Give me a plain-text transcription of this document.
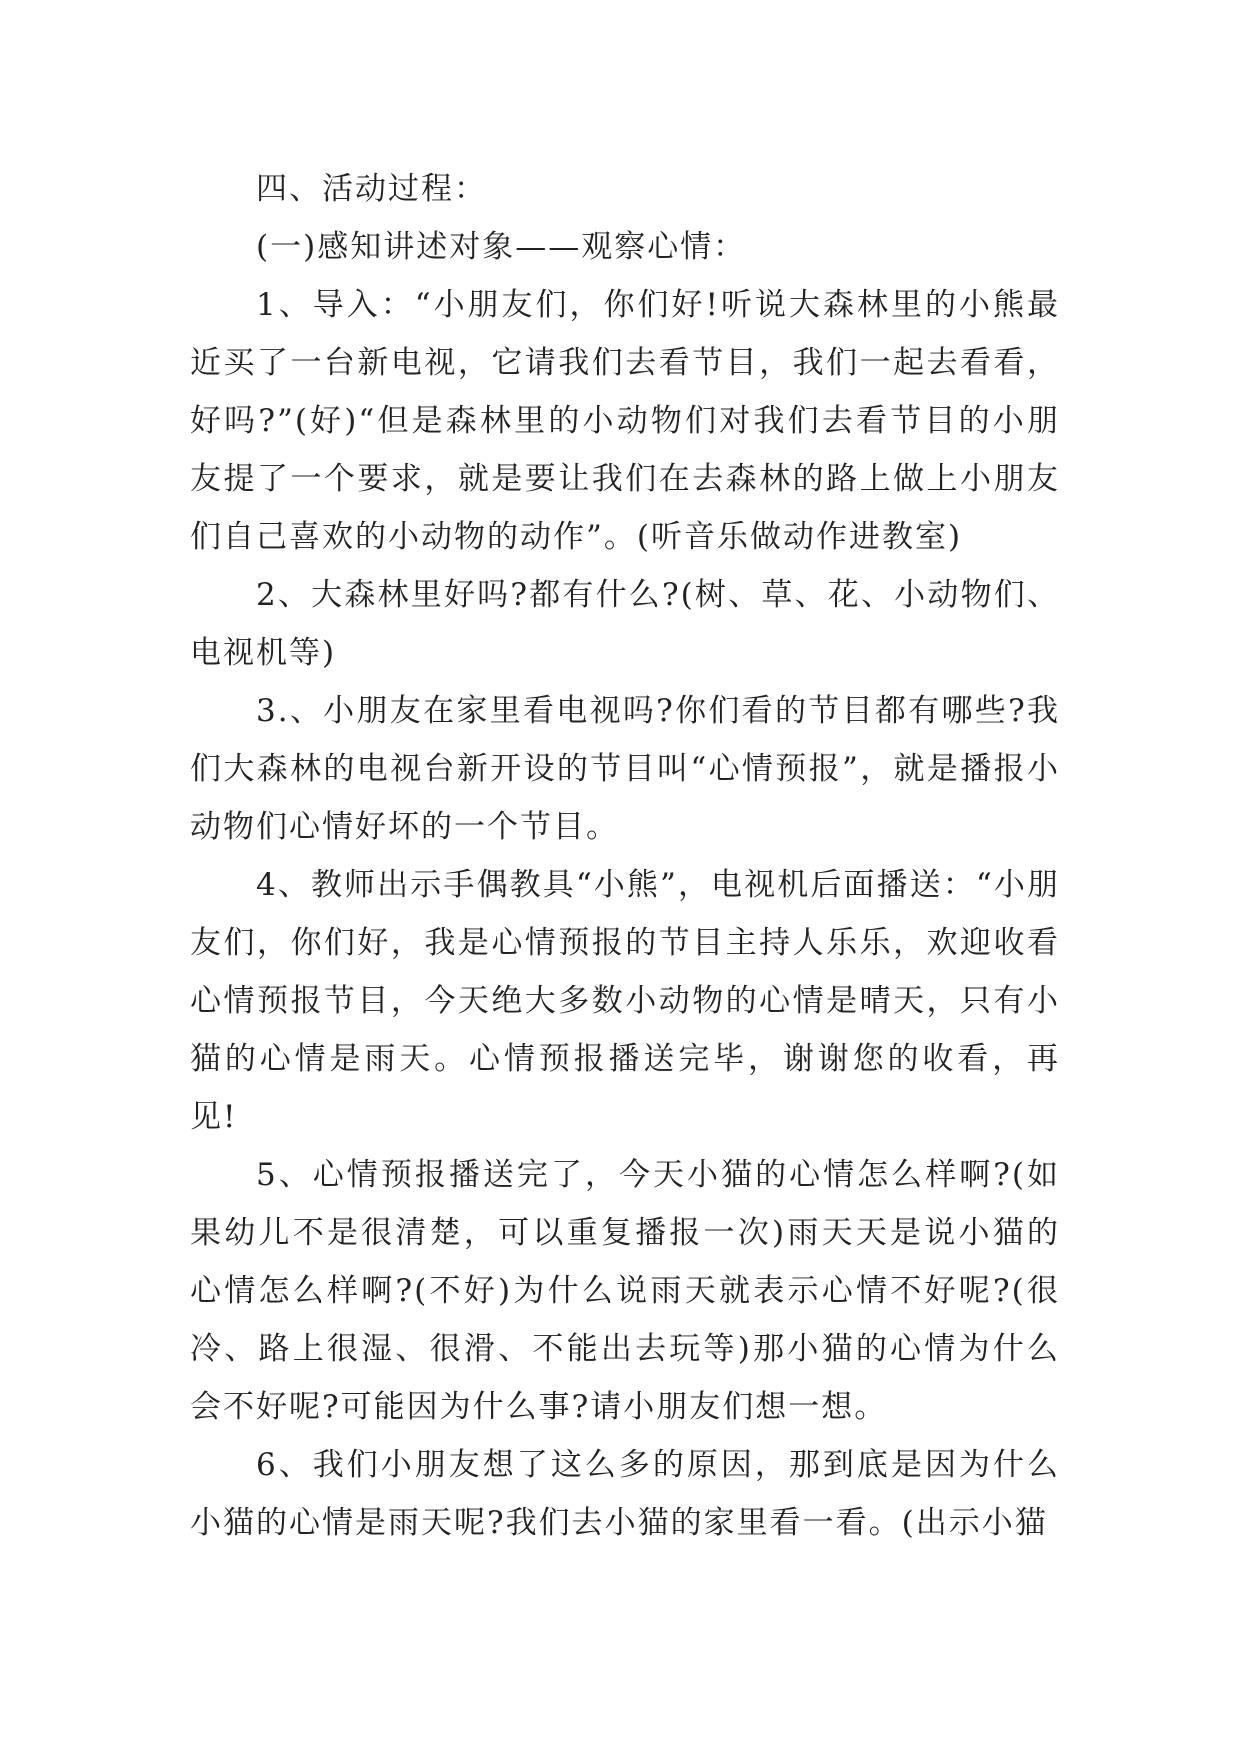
四、活动过程：

(一)感知讲述对象——观察心情：

1、导入：“小朋友们，你们好!听说大森林里的小熊最近买了一台新电视，它请我们去看节目，我们一起去看看，好吗?”(好)“但是森林里的小动物们对我们去看节目的小朋友提了一个要求，就是要让我们在去森林的路上做上小朋友们自己喜欢的小动物的动作”。(听音乐做动作进教室)

2、大森林里好吗?都有什么?(树、草、花、小动物们、电视机等)

3.、小朋友在家里看电视吗?你们看的节目都有哪些?我们大森林的电视台新开设的节目叫“心情预报”，就是播报小动物们心情好坏的一个节目。

4、教师出示手偶教具“小熊”，电视机后面播送：“小朋友们，你们好，我是心情预报的节目主持人乐乐，欢迎收看心情预报节目，今天绝大多数小动物的心情是晴天，只有小猫的心情是雨天。心情预报播送完毕，谢谢您的收看，再见!

5、心情预报播送完了，今天小猫的心情怎么样啊?(如果幼儿不是很清楚，可以重复播报一次)雨天天是说小猫的心情怎么样啊?(不好)为什么说雨天就表示心情不好呢?(很冷、路上很湿、很滑、不能出去玩等)那小猫的心情为什么会不好呢?可能因为什么事?请小朋友们想一想。

6、我们小朋友想了这么多的原因，那到底是因为什么小猫的心情是雨天呢?我们去小猫的家里看一看。(出示小猫
